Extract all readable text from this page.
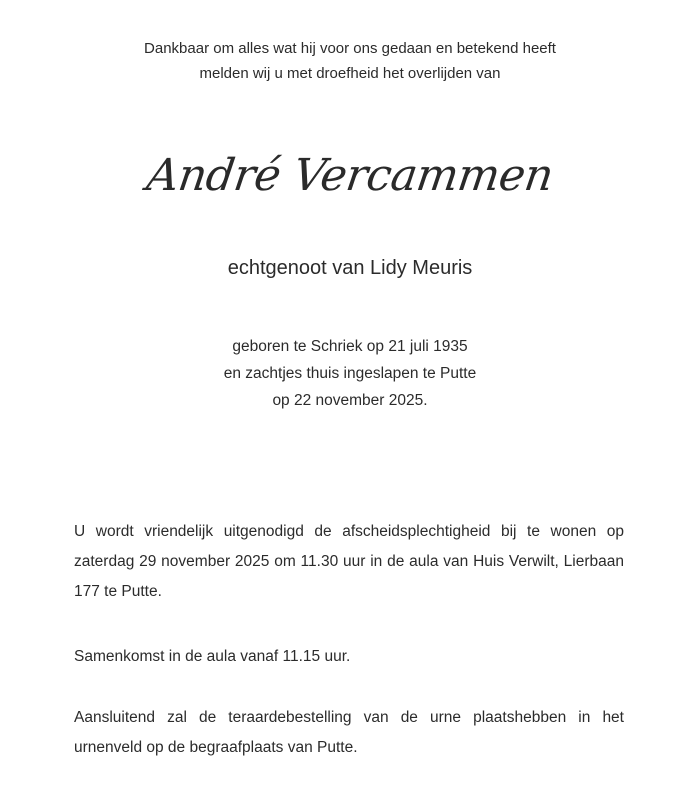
Dankbaar om alles wat hij voor ons gedaan en betekend heeft
melden wij u met droefheid het overlijden van
André Vercammen
echtgenoot van Lidy Meuris
geboren te Schriek op 21 juli 1935
en zachtjes thuis ingeslapen te Putte
op 22 november 2025.
U wordt vriendelijk uitgenodigd de afscheidsplechtigheid bij te wonen op zaterdag 29 november 2025 om 11.30 uur in de aula van Huis Verwilt, Lierbaan 177 te Putte.
Samenkomst in de aula vanaf 11.15 uur.
Aansluitend zal de teraardebestelling van de urne plaatshebben in het urnenveld op de begraafplaats van Putte.
